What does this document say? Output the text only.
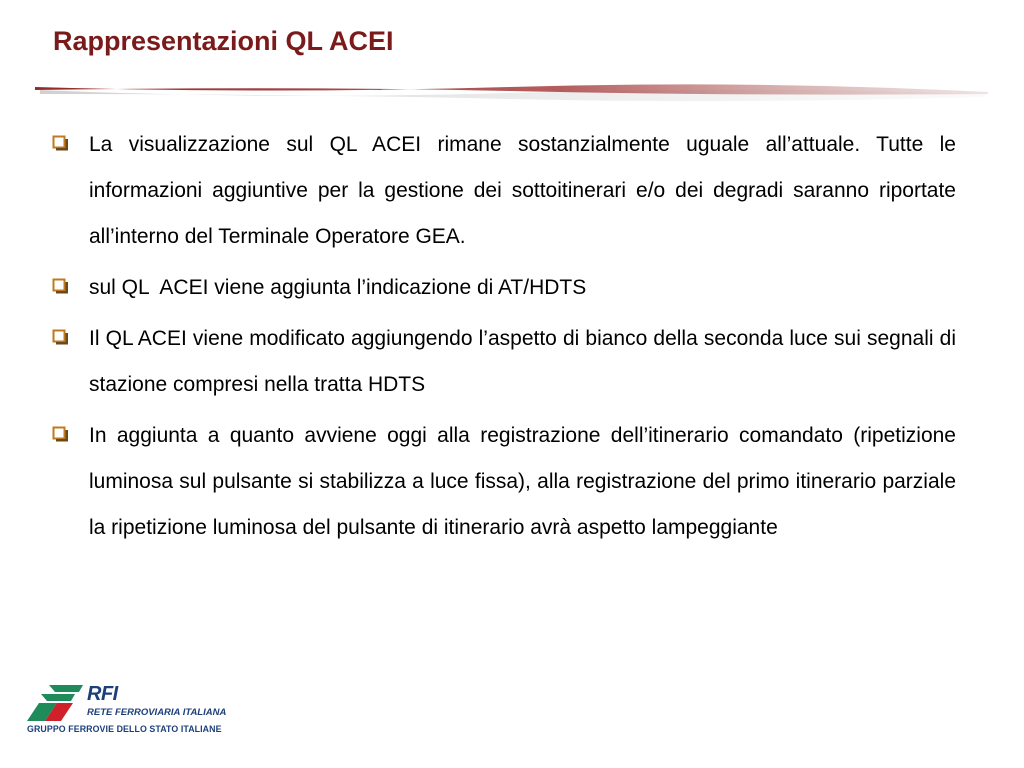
Rappresentazioni QL ACEI
La visualizzazione sul QL ACEI rimane sostanzialmente uguale all’attuale. Tutte le informazioni aggiuntive per la gestione dei sottoitinerari e/o dei degradi saranno riportate all’interno del Terminale Operatore GEA.
sul QL  ACEI viene aggiunta l’indicazione di AT/HDTS
Il QL ACEI viene modificato aggiungendo l’aspetto di bianco della seconda luce sui segnali di stazione compresi nella tratta HDTS
In aggiunta a quanto avviene oggi alla registrazione dell’itinerario comandato (ripetizione luminosa sul pulsante si stabilizza a luce fissa), alla registrazione del primo itinerario parziale la ripetizione luminosa del pulsante di itinerario avrà aspetto lampeggiante
RFI
RETE FERROVIARIA ITALIANA
GRUPPO FERROVIE DELLO STATO ITALIANE
